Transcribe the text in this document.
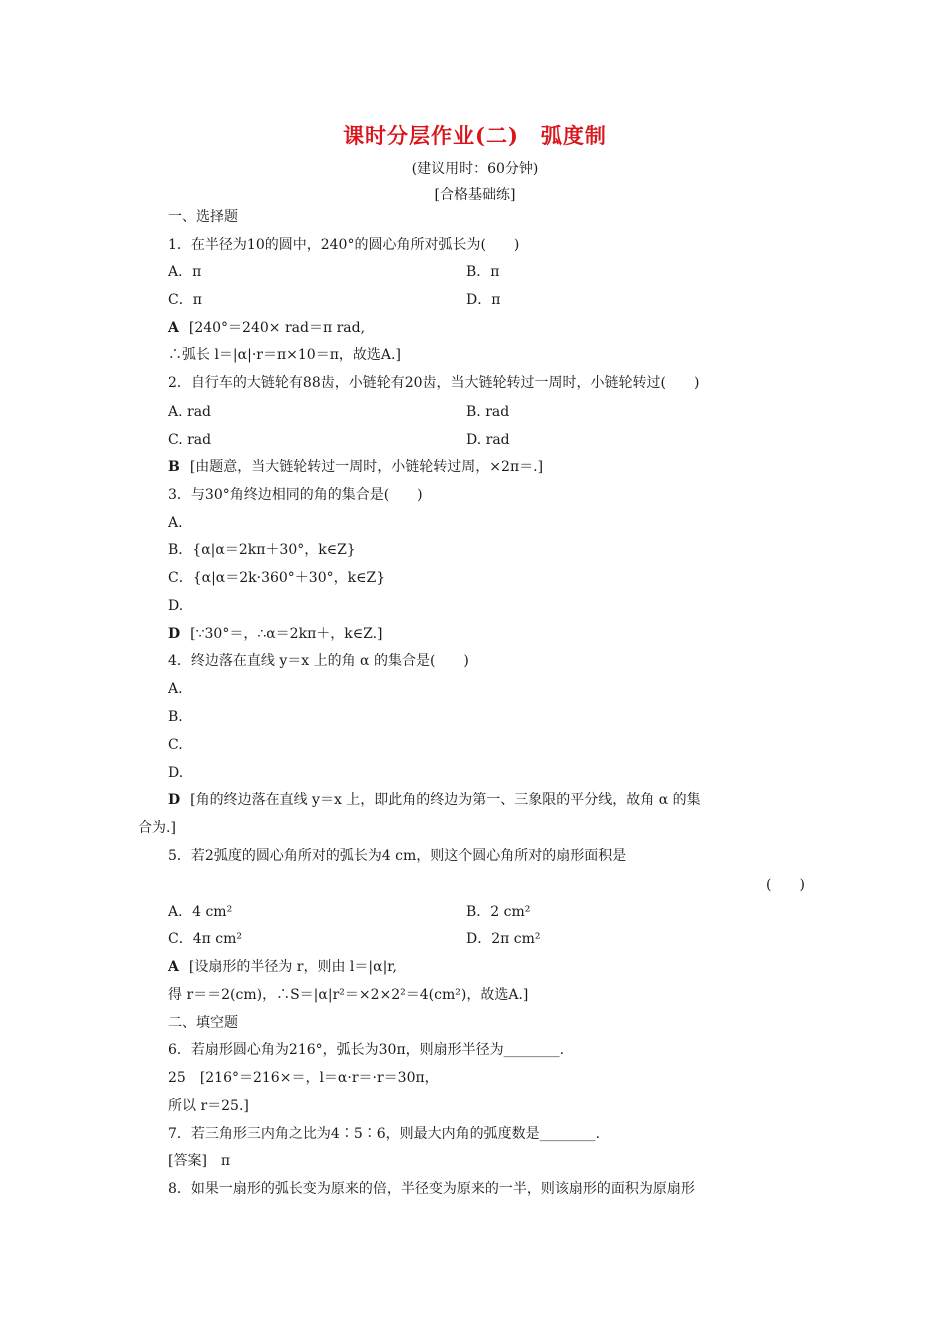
课时分层作业(二)　弧度制
(建议用时：60分钟)
[合格基础练]
一、选择题
1．在半径为10的圆中，240°的圆心角所对弧长为(　　)
A．π	B．π
C．π	D．π
A [240°＝240× rad＝π rad,
∴弧长 l＝|α|·r＝π×10＝π，故选A.]
2．自行车的大链轮有88齿，小链轮有20齿，当大链轮转过一周时，小链轮转过(　　)
A. rad	B. rad
C. rad	D. rad
B [由题意，当大链轮转过一周时，小链轮转过周，×2π＝.]
3．与30°角终边相同的角的集合是(　　)
A.
B．{α|α＝2kπ＋30°，k∈Z}
C．{α|α＝2k·360°＋30°，k∈Z}
D.
D [∵30°＝，∴α＝2kπ＋，k∈Z.]
4．终边落在直线 y＝x 上的角 α 的集合是(　　)
A.
B.
C.
D.
D [角的终边落在直线 y＝x 上，即此角的终边为第一、三象限的平分线，故角 α 的集
合为.]
5．若2弧度的圆心角所对的弧长为4 cm，则这个圆心角所对的扇形面积是
(　　)
A．4 cm²	B．2 cm²
C．4π cm²	D．2π cm²
A [设扇形的半径为 r，则由 l＝|α|r,
得 r＝＝2(cm)，∴S＝|α|r²＝×2×2²＝4(cm²)，故选A.]
二、填空题
6．若扇形圆心角为216°，弧长为30π，则扇形半径为________.
25　[216°＝216×＝，l＝α·r＝·r＝30π，
所以 r＝25.]
7．若三角形三内角之比为4∶5∶6，则最大内角的弧度数是________.
[答案]　π
8．如果一扇形的弧长变为原来的倍，半径变为原来的一半，则该扇形的面积为原扇形
